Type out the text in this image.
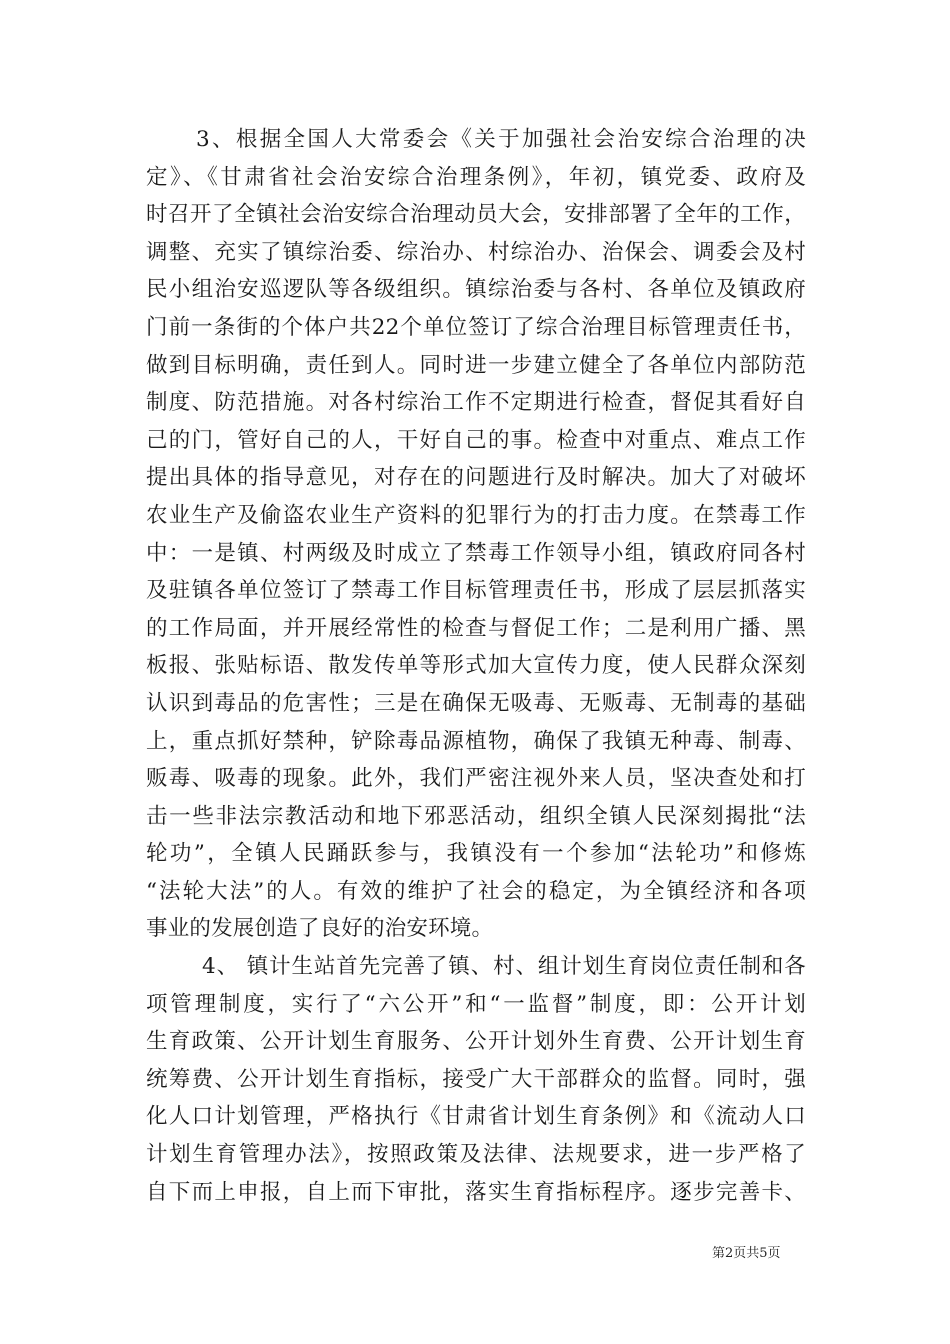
3、根据全国人大常委会《关于加强社会治安综合治理的决
定》、《甘肃省社会治安综合治理条例》，年初，镇党委、政府及
时召开了全镇社会治安综合治理动员大会，安排部署了全年的工作，
调整、充实了镇综治委、综治办、村综治办、治保会、调委会及村
民小组治安巡逻队等各级组织。镇综治委与各村、各单位及镇政府
门前一条街的个体户共22个单位签订了综合治理目标管理责任书，
做到目标明确，责任到人。同时进一步建立健全了各单位内部防范
制度、防范措施。对各村综治工作不定期进行检查，督促其看好自
己的门，管好自己的人，干好自己的事。检查中对重点、难点工作
提出具体的指导意见，对存在的问题进行及时解决。加大了对破坏
农业生产及偷盗农业生产资料的犯罪行为的打击力度。在禁毒工作
中：一是镇、村两级及时成立了禁毒工作领导小组，镇政府同各村
及驻镇各单位签订了禁毒工作目标管理责任书，形成了层层抓落实
的工作局面，并开展经常性的检查与督促工作；二是利用广播、黑
板报、张贴标语、散发传单等形式加大宣传力度，使人民群众深刻
认识到毒品的危害性；三是在确保无吸毒、无贩毒、无制毒的基础
上，重点抓好禁种，铲除毒品源植物，确保了我镇无种毒、制毒、
贩毒、吸毒的现象。此外，我们严密注视外来人员，坚决查处和打
击一些非法宗教活动和地下邪恶活动，组织全镇人民深刻揭批“法
轮功”，全镇人民踊跃参与，我镇没有一个参加“法轮功”和修炼
“法轮大法”的人。有效的维护了社会的稳定，为全镇经济和各项
事业的发展创造了良好的治安环境。
4、 镇计生站首先完善了镇、村、组计划生育岗位责任制和各
项管理制度，实行了“六公开”和“一监督”制度，即：公开计划
生育政策、公开计划生育服务、公开计划外生育费、公开计划生育
统筹费、公开计划生育指标，接受广大干部群众的监督。同时，强
化人口计划管理，严格执行《甘肃省计划生育条例》和《流动人口
计划生育管理办法》，按照政策及法律、法规要求，进一步严格了
自下而上申报，自上而下审批，落实生育指标程序。逐步完善卡、
第2页共5页
